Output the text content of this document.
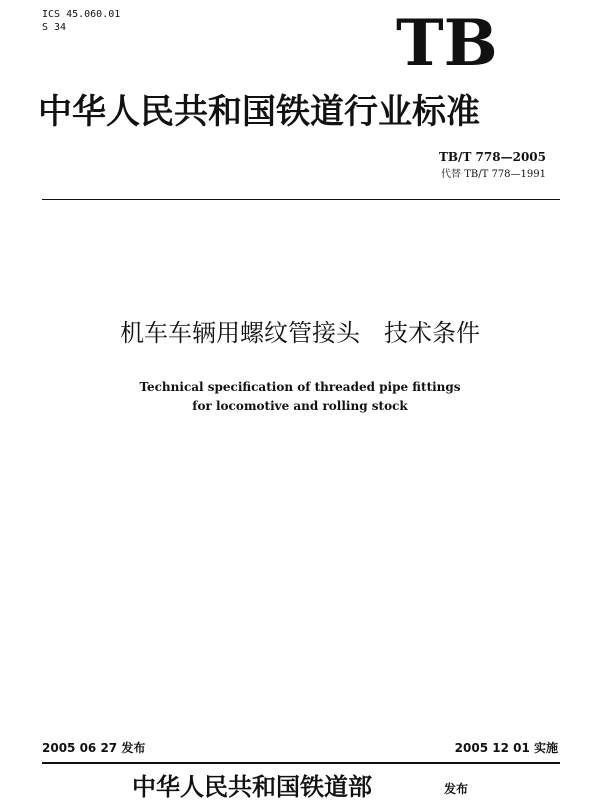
ICS 45.060.01
S 34	TB
中华人民共和国铁道行业标准
TB/T 778—2005
代替 TB/T 778—1991
机车车辆用螺纹管接头　技术条件
Technical specification of threaded pipe fittings
for locomotive and rolling stock
2005 06 27 发布	2005 12 01 实施
中华人民共和国铁道部	发布
